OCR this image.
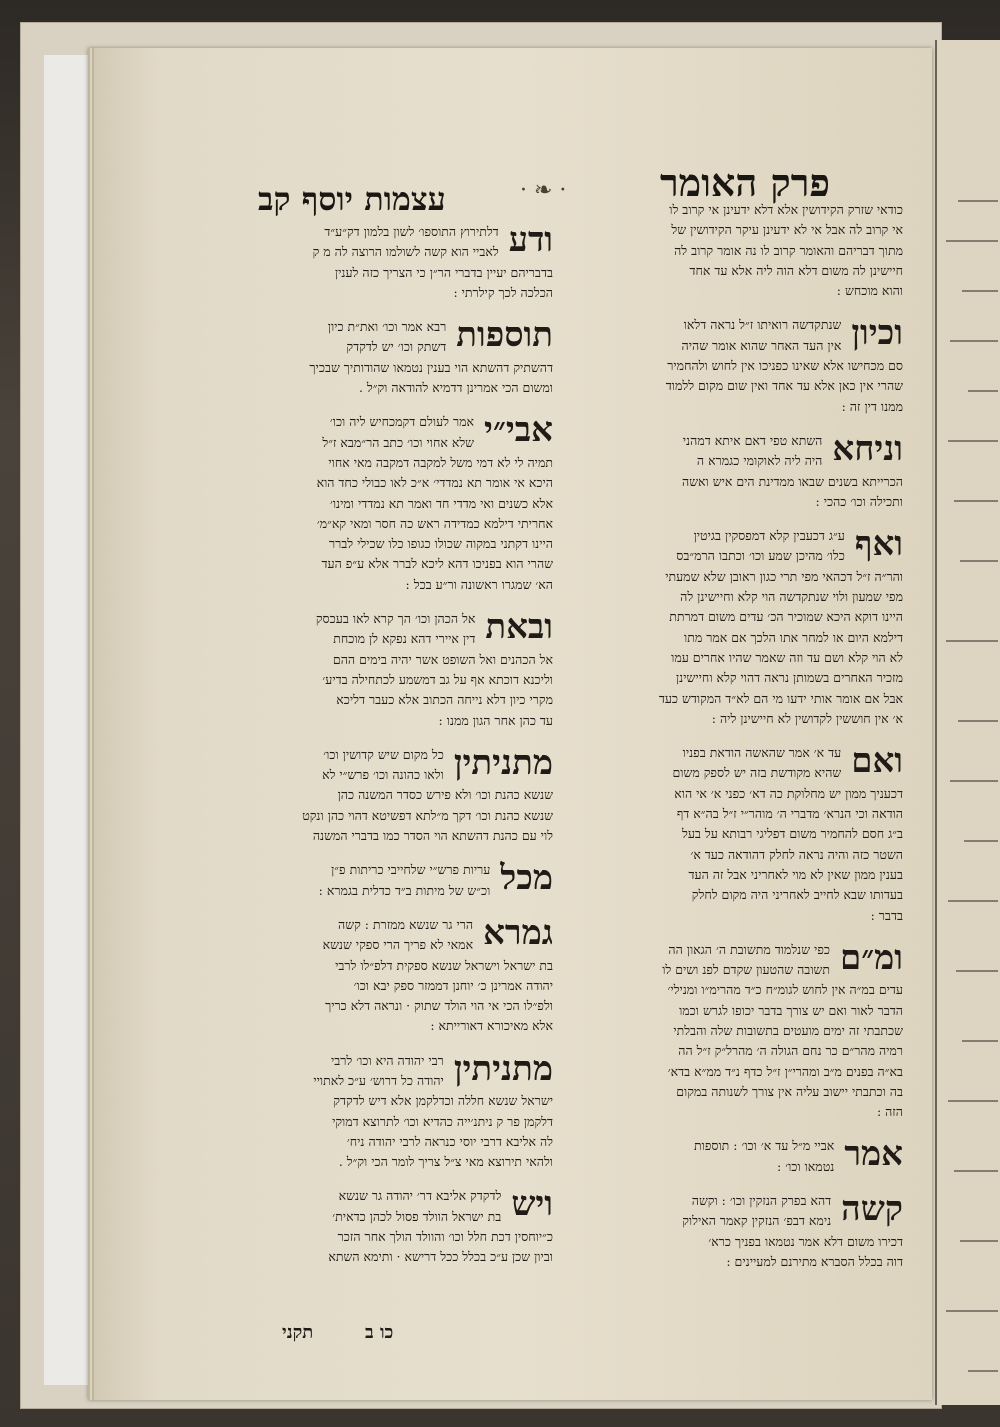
פרק האומר
· ❧ ·
עצמות יוסף קב	כודאי שזרק הקידושין אלא דלא ידעינן אי קרוב לו
אי קרוב לה אבל אי לא ידעינן עיקר הקידושין של
מתוך דבריהם והאומר קרוב לו נה אומר קרוב לה
חיישינן לה משום דלא הוה ליה אלא עד אחד
והוא מוכחש :
וכיון
שנתקדשה רואיתו ז״ל נראה דלאו
אין העד האחר שהוא אומר שהיה
סם מכחישו אלא שאינו כפניכו אין לחוש ולהחמיר
שהרי אין כאן אלא עד אחד ואין שום מקום ללמוד
ממנו דין זה :
וניחא
השתא טפי דאם איתא דמהני
היה ליה לאוקומי כגמרא ה
הכרייתא בשנים שבאו ממדינת הים איש ואשה
ותכילה וכו׳ כהכי :
ואף
ע״ג דכעבין קלא דמפסקין בגיטין
כלו׳ מהיכן שמע וכו׳ וכתבו הרמ״בס
והר״ה ז״ל דכהאי מפי תרי כגון ראובן שלא שמעתי
מפי שמעון ולוי שנתקדשה הוי קלא וחיישינן לה
היינו דוקא היכא שמוכיר הכ׳ עדים משום דמרתת
דילמא היום או למחר אתו הלכך אם אמר מתו
לא הוי קלא ושם עד וזה שאמר שהיו אחרים עמו
מזכיר האחרים בשמותן נראה דהוי קלא וחיישינן
אבל אם אומר אותי ידעו מי הם לא״ד המקודש כעד
א׳ אין חוששין לקדושין לא חיישינן ליה :
ואם
עד א׳ אמר שהאשה הודאת בפניו
שהיא מקודשת בזה יש לספק משום
דכעניך ממון יש מחלוקת כה דא׳ כפני א׳ אי הוא
הודאה וכי הנרא׳ מדברי ה׳ מוהר״י ז״ל בה״א דף
ב״ג חסם להחמיר משום דפליגי רבותא על בעל
השטר כזה והיה נראה לחלק דהודאה כעד א׳
בענין ממון שאין לא מוי לאחריני אבל זה העד
בעדותו שבא לחייב לאחריני היה מקום לחלק
בדבר :
ומ״ם
כפי שנלמוד מתשובת ה׳ הגאון הה
תשובה שהטעון שקדם לפנ ושים לו
עדים במ״ה אין לחוש לגומ״ח כ״ד מהרימ״ו ומנילי׳
הדבר לאור ואם יש צורך בדבר יכופו לגרש וכמו
שכתבתי זה ימים מועטים בתשובות שלה והבלתי
רמיה מהר״ם כר נחם הגולה ה׳ מהרל״ק ז״ל הה
בא״ה בפנים מ״ב ומהרי״ן ז״ל כדף נ״ד ממ״א בדא׳
בה וכתבתי יישוב עליה אין צורך לשנותה במקום
הזה :
אמר
אביי מ״ל עד א׳ וכו׳ : תוספות
נטמאו וכו׳ :
קשה
דהא בפרק הנזקין וכו׳ : וקשה
נימא דבפ׳ הנזקין קאמר האילוק
דכירו משום דלא אמר נטמאו בפניך כרא׳
דוה בכלל הסברא מתירנם למעיינים :
ודע
דלתירוץ התוספו׳ לשון בלמון דק״ע״ד
לאביי הוא קשה לשולמו הרוצה לה מ ק
בדבריהם יעיין בדברי הר״ן כי הצריך כזה לענין
הכלכה לכך קילרתי :
תוספות
רבא אמר וכו׳ ואת״ת כיון
דשתק וכו׳ יש לדקדק
דהשתיק דהשתא הוי בענין נטמאו שהודותיך שבכיך
ומשום הכי אמרינן דדמיא להודאה וק״ל .
אבי״י
אמר לעולם דקמכחיש ליה וכו׳
שלא אחוי וכו׳ כתב הר״מבא ז״ל
תמיה לי לא דמי משל למקבה דמקבה מאי אחוי
היכא אי אומר תא נמדדי׳ א״כ לאו כבולי כחד הוא
אלא כשנים ואי מדדי חד ואמר תא נמדדי ומינו׳
אחריתי דילמא כמדידה ראש כה חסר ומאי קא״מ׳
היינו דקתני במקוה שכולו כגופו כלו שכילי לברר
שהרי הוא בפניכו דהא ליכא לברר אלא ע״פ העד
הא׳ שמגרו ראשונה ור״ע בכל :
ובאת
אל הכהן וכו׳ הך קרא לאו בעכסק
דין איירי דהא נפקא לן מוכחת
אל הכהנים ואל השופט אשר יהיה בימים ההם
וליכנא דוכתא אף על גב דמשמע לכתחילה בדיע׳
מקרי כיון דלא נייחה הכתוב אלא כעבר דליכא
עד כהן אחר הגון ממנו :
מתניתין
כל מקום שיש קדושין וכו׳
ולאו כהונה וכו׳ פרש״י לא
שנשא כהנת וכו׳ ולא פירש כסדר המשנה כהן
שנשא כהנת וכו׳ דקך מ״לתא דפשיטא דהוי כהן ונקט
לוי עם כהנת דהשתא הוי הסדר כמו בדברי המשנה
מכל
עריות פרש״י שלחייבי כריתות פ״ן
וכ״ש של מיתות ב״ד כדלית בגמרא :
גמרא
הרי גר שנשא ממזרת : קשה
אמאי לא פריך הרי ספקי שנשא
בת ישראל וישראל שנשא ספקית דלפ״לו לרבי
יהודה אמרינן כ׳ יוחנן דממזר ספק יבא וכו׳
ולפ״לו הכי אי הוי הולד שתוק · ונראה דלא כריך
אלא מאיכורא דאורייתא :
מתניתין
רבי יהודה היא וכו׳ לרבי
יהודה כל דרוש׳ ע״כ לאתויי
ישראל שנשא חללה וכדלקמן אלא דיש לדקדק
דלקמן פר ק ניתנ׳ייה כהדיא וכו׳ לתרוצא דמוקי
לה אליבא דרבי יוסי כנראה לרבי יהודה ניח׳
ולהאי תירוצא מאי צ״ל צריך לומר הכי וק״ל .
ויש
לדקדק אליבא דר׳ יהודה גר שנשא
בת ישראל הוולד פסול לכהן כדאית׳
כ״יוחסין דכת חלל וכו׳ והוולד הולך אחר הזכר
וביון שכן ע״כ בכלל ככל דרישא · ותימא השתא
כו ב
תקני
